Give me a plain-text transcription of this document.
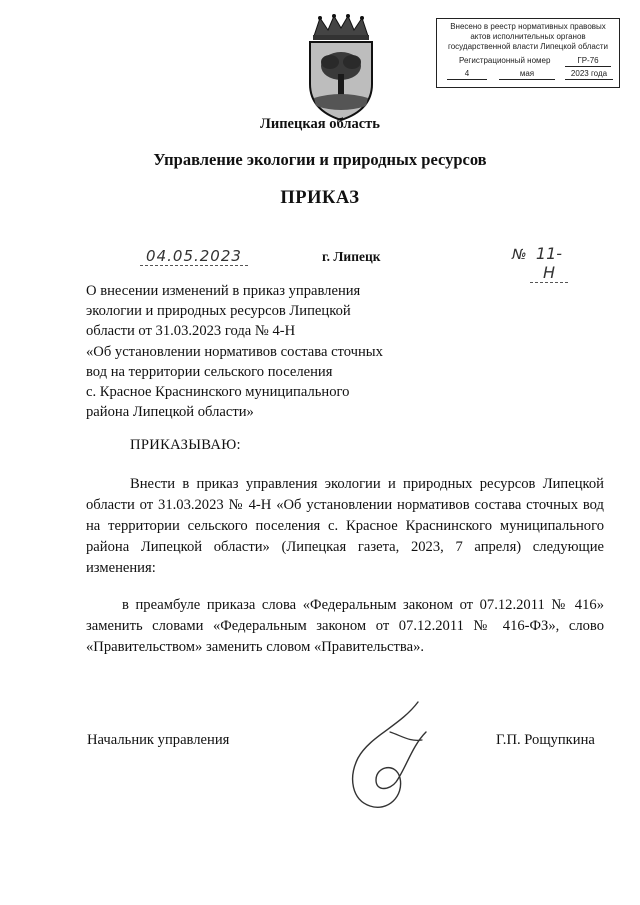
Внесено в реестр нормативных правовых
актов исполнительных органов
государственной власти Липецкой области
Регистрационный номер	ГР-76
4	мая	2023 года
Липецкая область
Управление экологии и природных ресурсов
ПРИКАЗ
04.05.2023	г. Липецк	№ 11-Н
О внесении изменений в приказ управления
экологии и природных ресурсов Липецкой
области от 31.03.2023 года № 4-Н
«Об установлении нормативов состава сточных
вод на территории сельского поселения
с. Красное Краснинского муниципального
района Липецкой области»
ПРИКАЗЫВАЮ:
Внести в приказ управления экологии и природных ресурсов Липецкой области от 31.03.2023 № 4-Н «Об установлении нормативов состава сточных вод на территории сельского поселения с. Красное Краснинского муниципального района Липецкой области» (Липецкая газета, 2023, 7 апреля) следующие изменения:
в преамбуле приказа слова «Федеральным законом от 07.12.2011 № 416» заменить словами «Федеральным законом от 07.12.2011 № 416-ФЗ», слово «Правительством» заменить словом «Правительства».
Начальник управления	Г.П. Рощупкина
